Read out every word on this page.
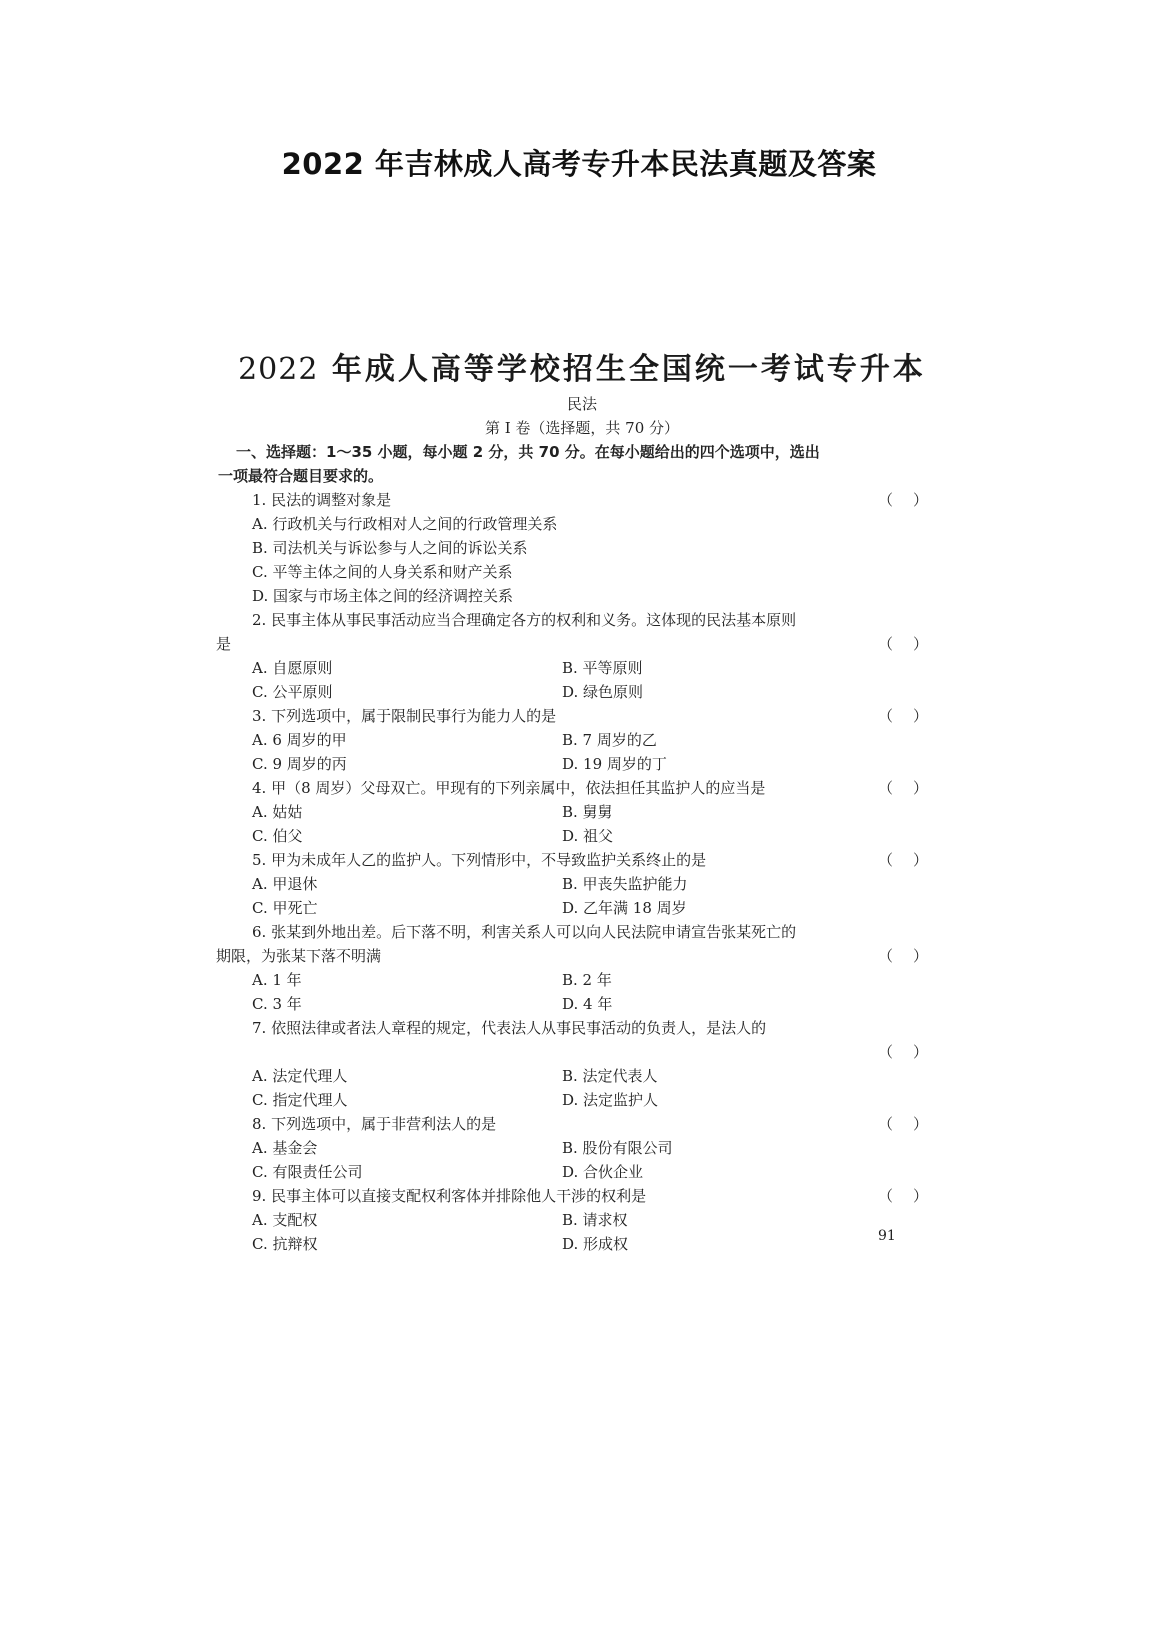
2022 年吉林成人高考专升本民法真题及答案
2022 年成人高等学校招生全国统一考试专升本
民法
第 I 卷（选择题，共 70 分）
一、选择题：1～35 小题，每小题 2 分，共 70 分。在每小题给出的四个选项中，选出
一项最符合题目要求的。
1. 民法的调整对象是	（）
A. 行政机关与行政相对人之间的行政管理关系
B. 司法机关与诉讼参与人之间的诉讼关系
C. 平等主体之间的人身关系和财产关系
D. 国家与市场主体之间的经济调控关系
2. 民事主体从事民事活动应当合理确定各方的权利和义务。这体现的民法基本原则
是	（）
A. 自愿原则	B. 平等原则
C. 公平原则	D. 绿色原则
3. 下列选项中，属于限制民事行为能力人的是	（）
A. 6 周岁的甲	B. 7 周岁的乙
C. 9 周岁的丙	D. 19 周岁的丁
4. 甲（8 周岁）父母双亡。甲现有的下列亲属中，依法担任其监护人的应当是	（）
A. 姑姑	B. 舅舅
C. 伯父	D. 祖父
5. 甲为未成年人乙的监护人。下列情形中，不导致监护关系终止的是	（）
A. 甲退休	B. 甲丧失监护能力
C. 甲死亡	D. 乙年满 18 周岁
6. 张某到外地出差。后下落不明，利害关系人可以向人民法院申请宣告张某死亡的
期限，为张某下落不明满	（）
A. 1 年	B. 2 年
C. 3 年	D. 4 年
7. 依照法律或者法人章程的规定，代表法人从事民事活动的负责人，是法人的
（）
A. 法定代理人	B. 法定代表人
C. 指定代理人	D. 法定监护人
8. 下列选项中，属于非营利法人的是	（）
A. 基金会	B. 股份有限公司
C. 有限责任公司	D. 合伙企业
9. 民事主体可以直接支配权利客体并排除他人干涉的权利是	（）
A. 支配权	B. 请求权
C. 抗辩权	D. 形成权	91
